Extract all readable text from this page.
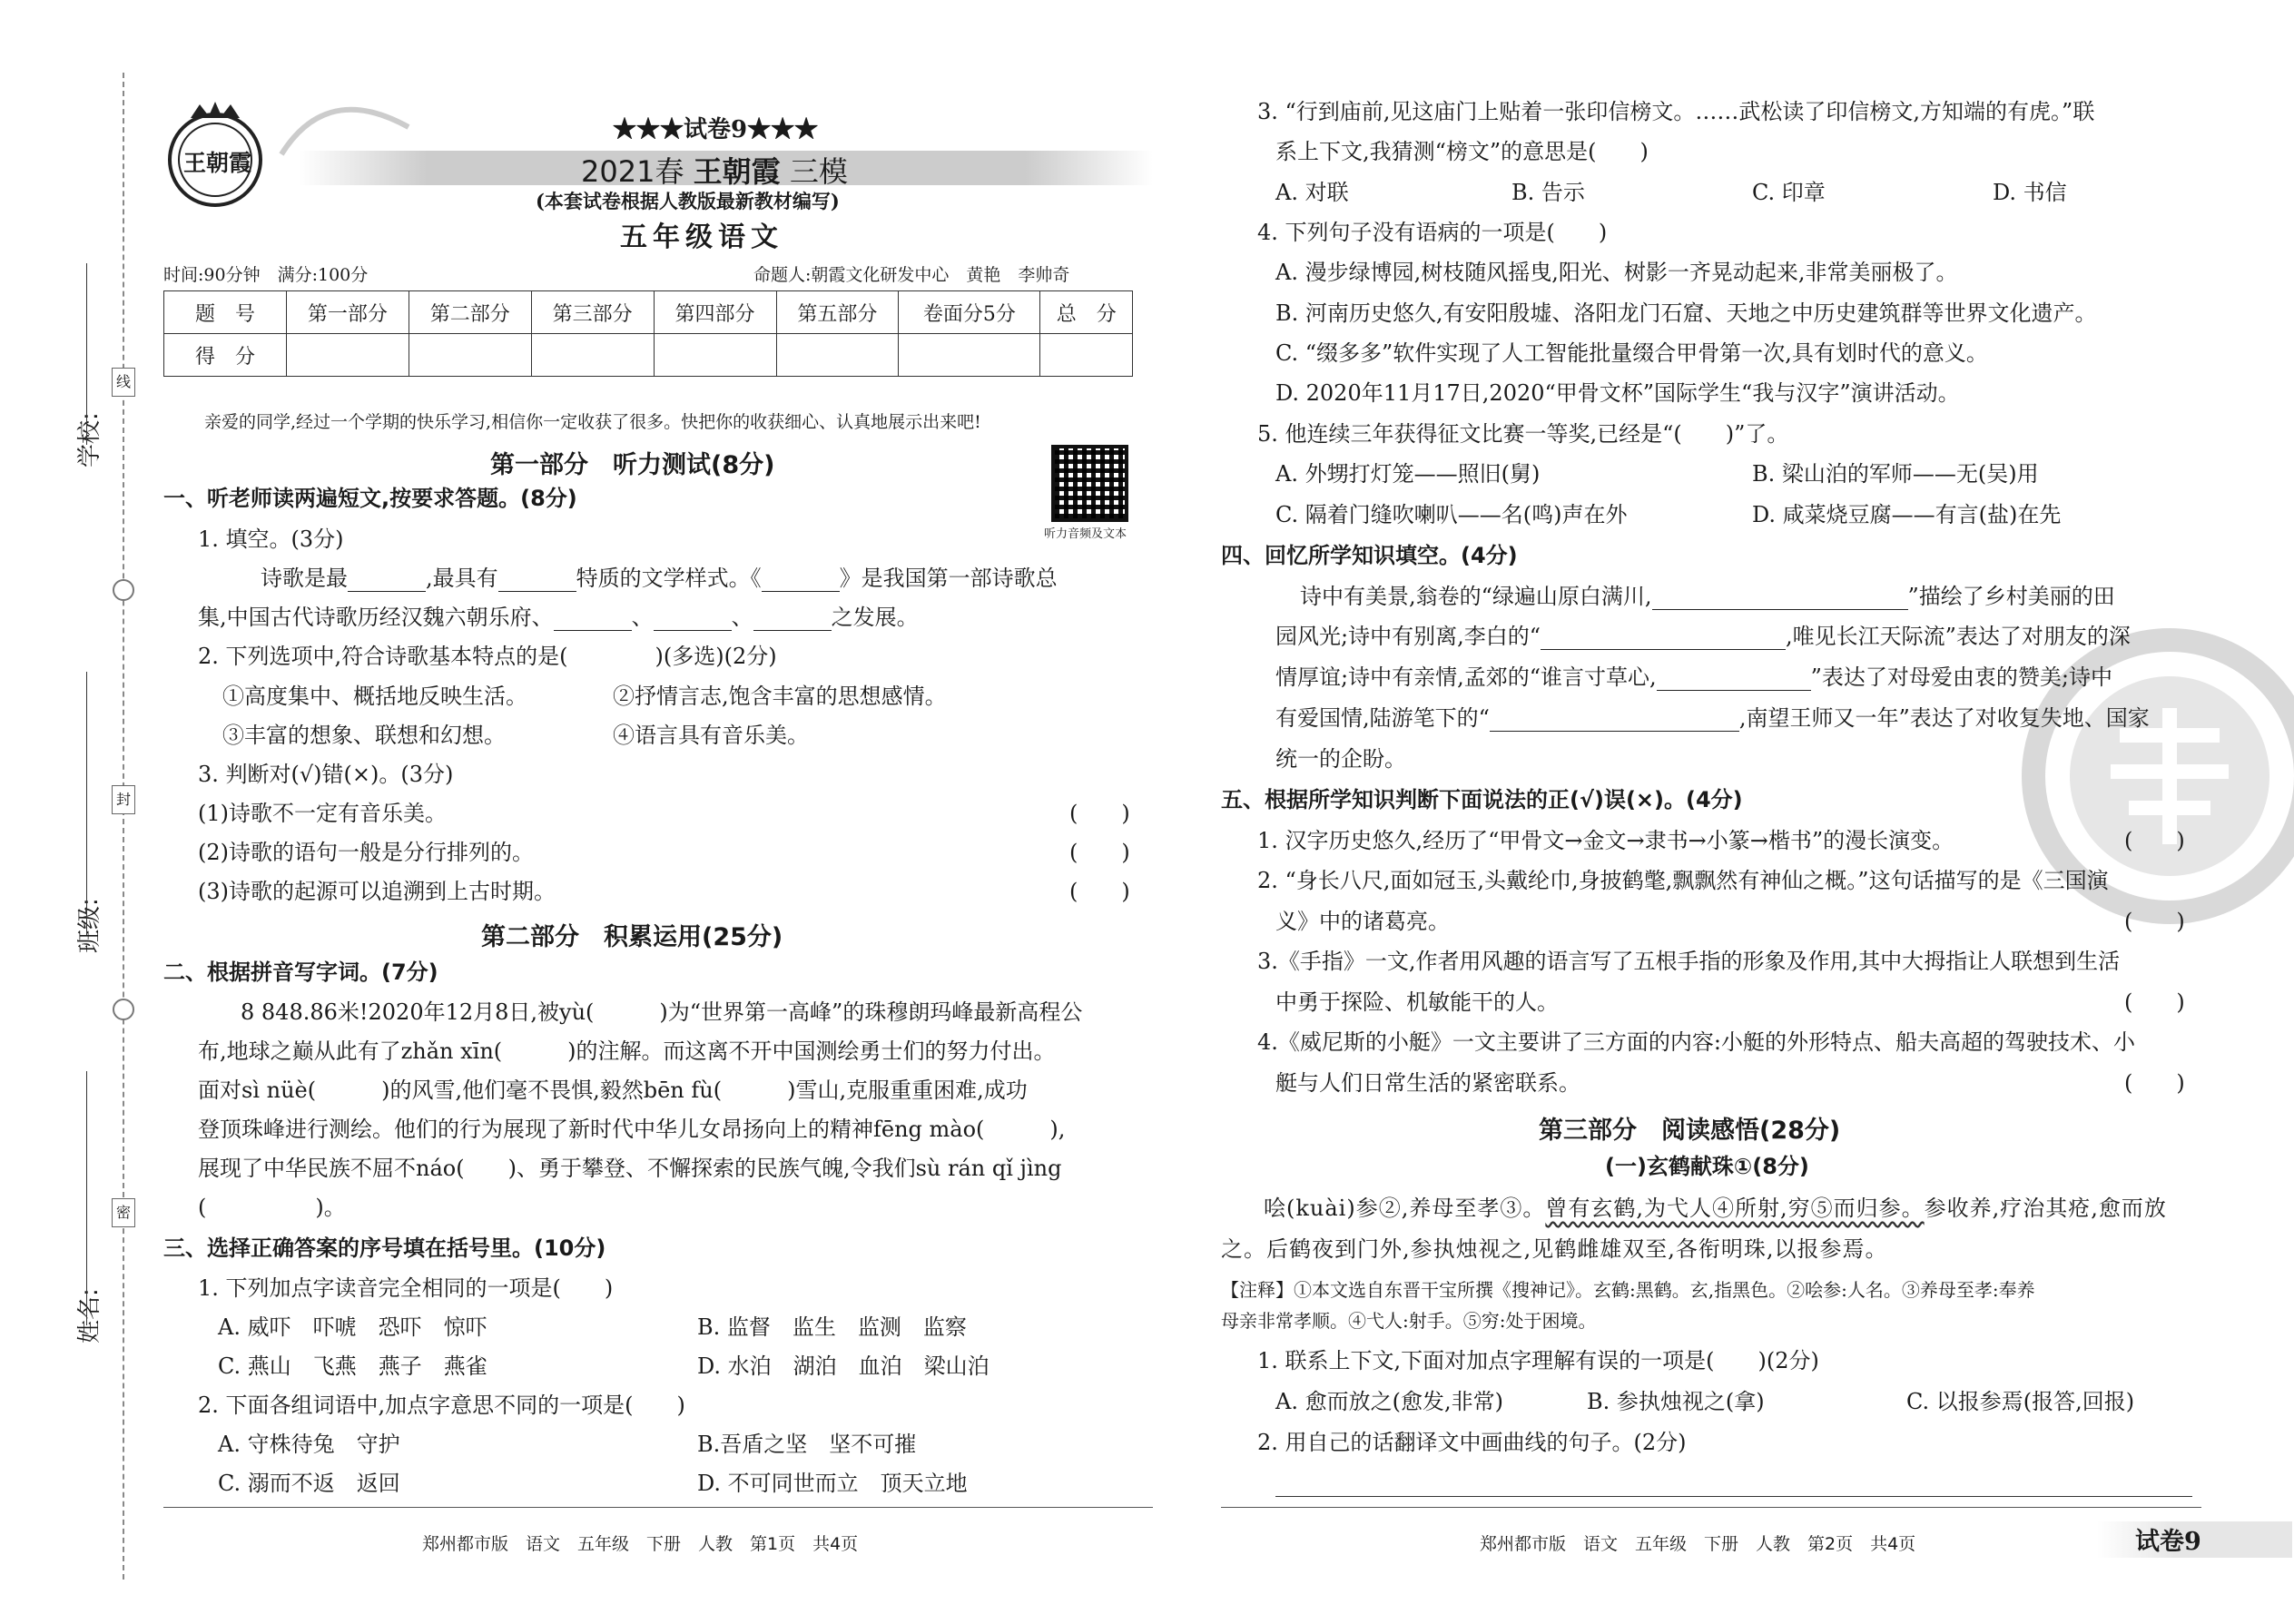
学校:
班级:
姓名:
线
封
密
王朝霞
★★★试卷9★★★
2021春 王朝霞 三模
(本套试卷根据人教版最新教材编写)
五年级语文
时间:90分钟　满分:100分	命题人:朝霞文化研发中心　黄艳　李帅奇
题　号	第一部分	第二部分	第三部分	第四部分	第五部分	卷面分5分	总　分
得　分							
亲爱的同学,经过一个学期的快乐学习,相信你一定收获了很多。快把你的收获细心、认真地展示出来吧!
听力音频及文本
第一部分　听力测试(8分)
一、听老师读两遍短文,按要求答题。(8分)
1. 填空。(3分)
诗歌是最	,最具有	特质的文学样式。《	》是我国第一部诗歌总
集,中国古代诗歌历经汉魏六朝乐府、	、	、	之发展。
2. 下列选项中,符合诗歌基本特点的是(　　　　)(多选)(2分)
①高度集中、概括地反映生活。	②抒情言志,饱含丰富的思想感情。
③丰富的想象、联想和幻想。	④语言具有音乐美。
3. 判断对(√)错(×)。(3分)
(1)诗歌不一定有音乐美。	(　　)
(2)诗歌的语句一般是分行排列的。	(　　)
(3)诗歌的起源可以追溯到上古时期。	(　　)
第二部分　积累运用(25分)
二、根据拼音写字词。(7分)
8 848.86米!2020年12月8日,被yù(　　　)为“世界第一高峰”的珠穆朗玛峰最新高程公
布,地球之巅从此有了zhǎn xīn(　　　)的注解。而这离不开中国测绘勇士们的努力付出。
面对sì nüè(　　　)的风雪,他们毫不畏惧,毅然bēn fù(　　　)雪山,克服重重困难,成功
登顶珠峰进行测绘。他们的行为展现了新时代中华儿女昂扬向上的精神fēng mào(　　　),
展现了中华民族不屈不náo(　　)、勇于攀登、不懈探索的民族气魄,令我们sù rán qǐ jìng
(　　　　　)。
三、选择正确答案的序号填在括号里。(10分)
1. 下列加点字读音完全相同的一项是(　　)
A. 威吓　吓唬　恐吓　惊吓	B. 监督　监生　监测　监察
C. 燕山　飞燕　燕子　燕雀	D. 水泊　湖泊　血泊　梁山泊
2. 下面各组词语中,加点字意思不同的一项是(　　)
A. 守株待兔　守护	B.吾盾之坚　坚不可摧
C. 溺而不返　返回	D. 不可同世而立　顶天立地
郑州都市版　语文　五年级　下册　人教　第1页　共4页
3. “行到庙前,见这庙门上贴着一张印信榜文。……武松读了印信榜文,方知端的有虎。”联
系上下文,我猜测“榜文”的意思是(　　)
A. 对联	B. 告示	C. 印章	D. 书信
4. 下列句子没有语病的一项是(　　)
A. 漫步绿博园,树枝随风摇曳,阳光、树影一齐晃动起来,非常美丽极了。
B. 河南历史悠久,有安阳殷墟、洛阳龙门石窟、天地之中历史建筑群等世界文化遗产。
C. “缀多多”软件实现了人工智能批量缀合甲骨第一次,具有划时代的意义。
D. 2020年11月17日,2020“甲骨文杯”国际学生“我与汉字”演讲活动。
5. 他连续三年获得征文比赛一等奖,已经是“(　　)”了。
A. 外甥打灯笼——照旧(舅)	B. 梁山泊的军师——无(吴)用
C. 隔着门缝吹喇叭——名(鸣)声在外	D. 咸菜烧豆腐——有言(盐)在先
四、回忆所学知识填空。(4分)
诗中有美景,翁卷的“绿遍山原白满川,	”描绘了乡村美丽的田
园风光;诗中有别离,李白的“	,唯见长江天际流”表达了对朋友的深
情厚谊;诗中有亲情,孟郊的“谁言寸草心,	”表达了对母爱由衷的赞美;诗中
有爱国情,陆游笔下的“	,南望王师又一年”表达了对收复失地、国家
统一的企盼。
五、根据所学知识判断下面说法的正(√)误(×)。(4分)
1. 汉字历史悠久,经历了“甲骨文→金文→隶书→小篆→楷书”的漫长演变。	(　　)
2. “身长八尺,面如冠玉,头戴纶巾,身披鹤氅,飘飘然有神仙之概。”这句话描写的是《三国演
义》中的诸葛亮。	(　　)
3.《手指》一文,作者用风趣的语言写了五根手指的形象及作用,其中大拇指让人联想到生活
中勇于探险、机敏能干的人。	(　　)
4.《威尼斯的小艇》一文主要讲了三方面的内容:小艇的外形特点、船夫高超的驾驶技术、小
艇与人们日常生活的紧密联系。	(　　)
第三部分　阅读感悟(28分)
(一)玄鹤献珠①(8分)
哙(kuài)参②,养母至孝③。曾有玄鹤,为弋人④所射,穷⑤而归参。参收养,疗治其疮,愈而放
之。后鹤夜到门外,参执烛视之,见鹤雌雄双至,各衔明珠,以报参焉。
【注释】①本文选自东晋干宝所撰《搜神记》。玄鹤:黑鹤。玄,指黑色。②哙参:人名。③养母至孝:奉养
母亲非常孝顺。④弋人:射手。⑤穷:处于困境。
1. 联系上下文,下面对加点字理解有误的一项是(　　)(2分)
A. 愈而放之(愈发,非常)	B. 参执烛视之(拿)	C. 以报参焉(报答,回报)
2. 用自己的话翻译文中画曲线的句子。(2分)
郑州都市版　语文　五年级　下册　人教　第2页　共4页	试卷9
